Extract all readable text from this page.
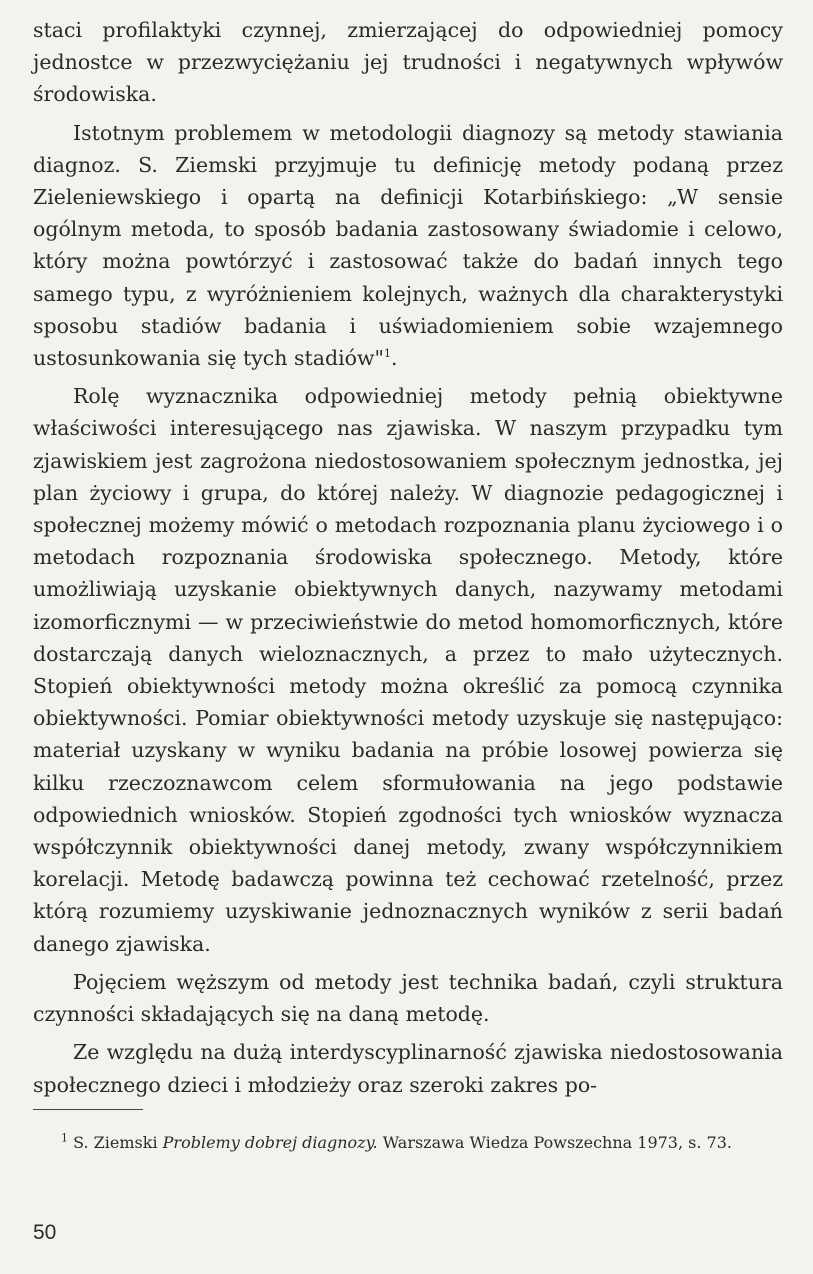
staci profilaktyki czynnej, zmierzającej do odpowiedniej pomocy jednostce w przezwyciężaniu jej trudności i negatywnych wpływów środowiska.

Istotnym problemem w metodologii diagnozy są metody stawiania diagnoz. S. Ziemski przyjmuje tu definicję metody podaną przez Zieleniewskiego i opartą na definicji Kotarbińskiego: „W sensie ogólnym metoda, to sposób badania zastosowany świadomie i celowo, który można powtórzyć i zastosować także do badań innych tego samego typu, z wyróżnieniem kolejnych, ważnych dla charakterystyki sposobu stadiów badania i uświadomieniem sobie wzajemnego ustosunkowania się tych stadiów"$^1$.

Rolę wyznacznika odpowiedniej metody pełnią obiektywne właściwości interesującego nas zjawiska. W naszym przypadku tym zjawiskiem jest zagrożona niedostosowaniem społecznym jednostka, jej plan życiowy i grupa, do której należy. W diagnozie pedagogicznej i społecznej możemy mówić o metodach rozpoznania planu życiowego i o metodach rozpoznania środowiska społecznego. Metody, które umożliwiają uzyskanie obiektywnych danych, nazywamy metodami izomorficznymi — w przeciwieństwie do metod homomorficznych, które dostarczają danych wieloznacznych, a przez to mało użytecznych. Stopień obiektywności metody można określić za pomocą czynnika obiektywności. Pomiar obiektywności metody uzyskuje się następująco: materiał uzyskany w wyniku badania na próbie losowej powierza się kilku rzeczoznawcom celem sformułowania na jego podstawie odpowiednich wniosków. Stopień zgodności tych wniosków wyznacza współczynnik obiektywności danej metody, zwany współczynnikiem korelacji. Metodę badawczą powinna też cechować rzetelność, przez którą rozumiemy uzyskiwanie jednoznacznych wyników z serii badań danego zjawiska.

Pojęciem węższym od metody jest technika badań, czyli struktura czynności składających się na daną metodę.

Ze względu na dużą interdyscyplinarność zjawiska niedostosowania społecznego dzieci i młodzieży oraz szeroki zakres po-

$^1$ S. Ziemski Problemy dobrej diagnozy. Warszawa Wiedza Powszechna 1973, s. 73.
50
